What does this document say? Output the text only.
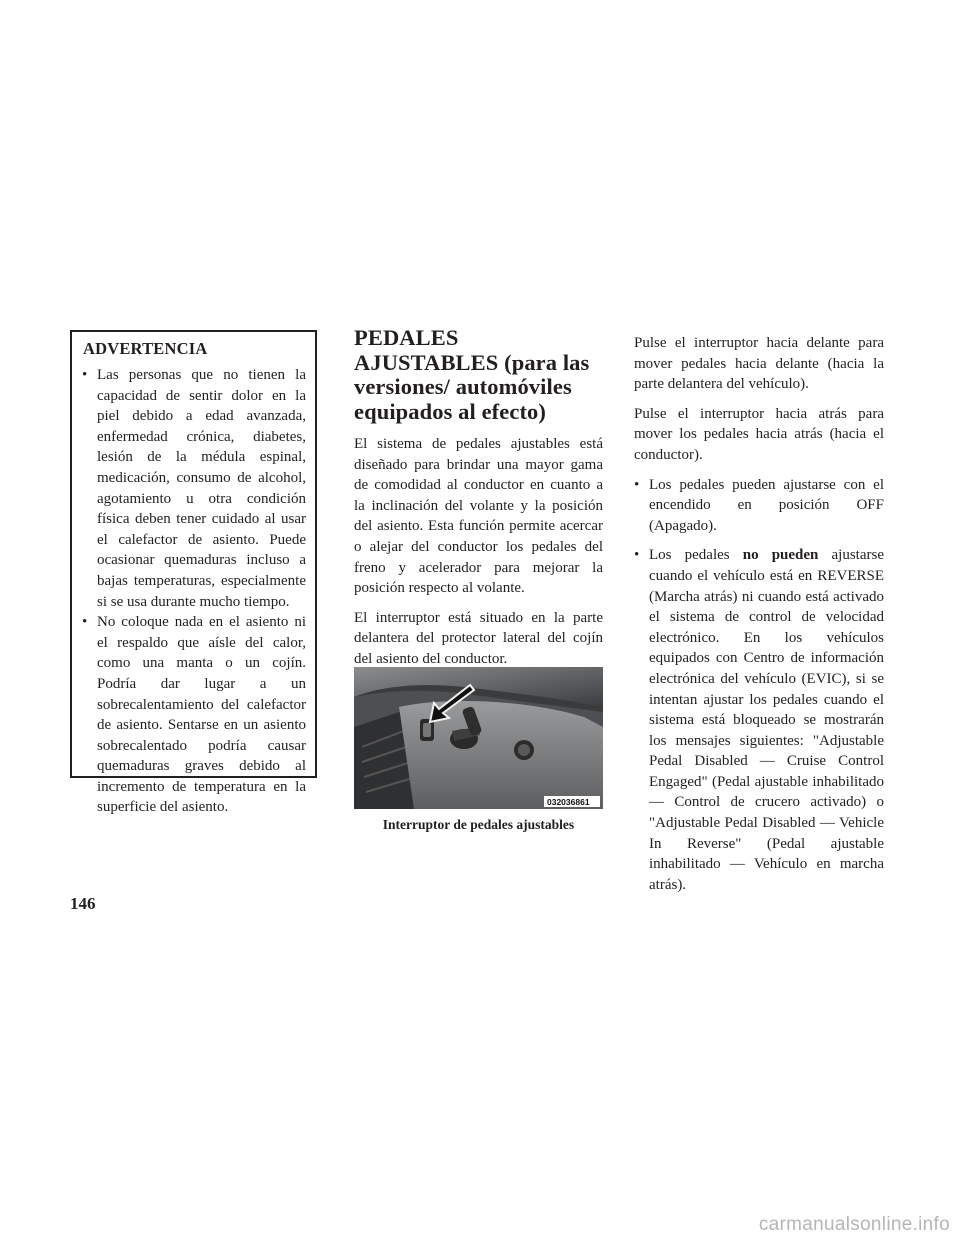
ADVERTENCIA
• Las personas que no tienen la capacidad de sentir dolor en la piel debido a edad avanzada, enfermedad crónica, diabetes, lesión de la médula espinal, medicación, consumo de alcohol, agotamiento u otra condición física deben tener cuidado al usar el calefactor de asiento. Puede ocasionar quemaduras incluso a bajas temperaturas, especialmente si se usa durante mucho tiempo.
• No coloque nada en el asiento ni el respaldo que aísle del calor, como una manta o un cojín. Podría dar lugar a un sobrecalentamiento del calefactor de asiento. Sentarse en un asiento sobrecalentado podría causar quemaduras graves debido al incremento de temperatura en la superficie del asiento.
PEDALES AJUSTABLES (para las versiones/ automóviles equipados al efecto)

El sistema de pedales ajustables está diseñado para brindar una mayor gama de comodidad al conductor en cuanto a la inclinación del volante y la posición del asiento. Esta función permite acercar o alejar del conductor los pedales del freno y acelerador para mejorar la posición respecto al volante.

El interruptor está situado en la parte delantera del protector lateral del cojín del asiento del conductor.

032036861
Interruptor de pedales ajustables

Pulse el interruptor hacia delante para mover pedales hacia delante (hacia la parte delantera del vehículo).

Pulse el interruptor hacia atrás para mover los pedales hacia atrás (hacia el conductor).

• Los pedales pueden ajustarse con el encendido en posición OFF (Apagado).
• Los pedales no pueden ajustarse cuando el vehículo está en REVERSE (Marcha atrás) ni cuando está activado el sistema de control de velocidad electrónico. En los vehículos equipados con Centro de información electrónica del vehículo (EVIC), si se intentan ajustar los pedales cuando el sistema está bloqueado se mostrarán los mensajes siguientes: "Adjustable Pedal Disabled — Cruise Control Engaged" (Pedal ajustable inhabilitado — Control de crucero activado) o "Adjustable Pedal Disabled — Vehicle In Reverse" (Pedal ajustable inhabilitado — Vehículo en marcha atrás).
146
carmanualsonline.info
